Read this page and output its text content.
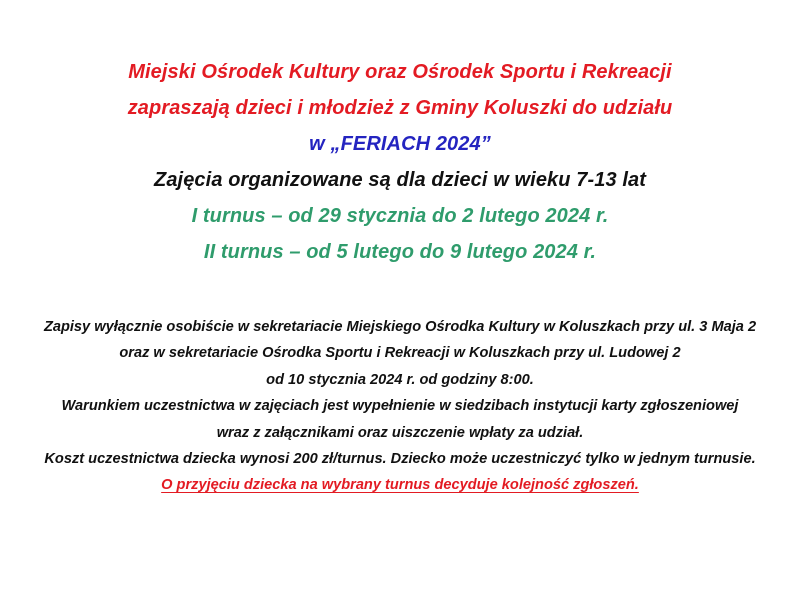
Miejski Ośrodek Kultury oraz Ośrodek Sportu i Rekreacji
zapraszają dzieci i młodzież z Gminy Koluszki do udziału
w „FERIACH 2024”
Zajęcia organizowane są dla dzieci w wieku 7-13 lat
I turnus – od 29 stycznia do 2 lutego 2024 r.
II turnus – od 5 lutego do 9 lutego 2024 r.
Zapisy wyłącznie osobiście w sekretariacie Miejskiego Ośrodka Kultury w Koluszkach przy ul. 3 Maja 2
oraz w sekretariacie Ośrodka Sportu i Rekreacji w Koluszkach przy ul. Ludowej 2
od 10 stycznia 2024 r. od godziny 8:00.
Warunkiem uczestnictwa w zajęciach jest wypełnienie w siedzibach instytucji karty zgłoszeniowej
wraz z załącznikami oraz uiszczenie wpłaty za udział.
Koszt uczestnictwa dziecka wynosi 200 zł/turnus. Dziecko może uczestniczyć tylko w jednym turnusie.
O przyjęciu dziecka na wybrany turnus decyduje kolejność zgłoszeń.
